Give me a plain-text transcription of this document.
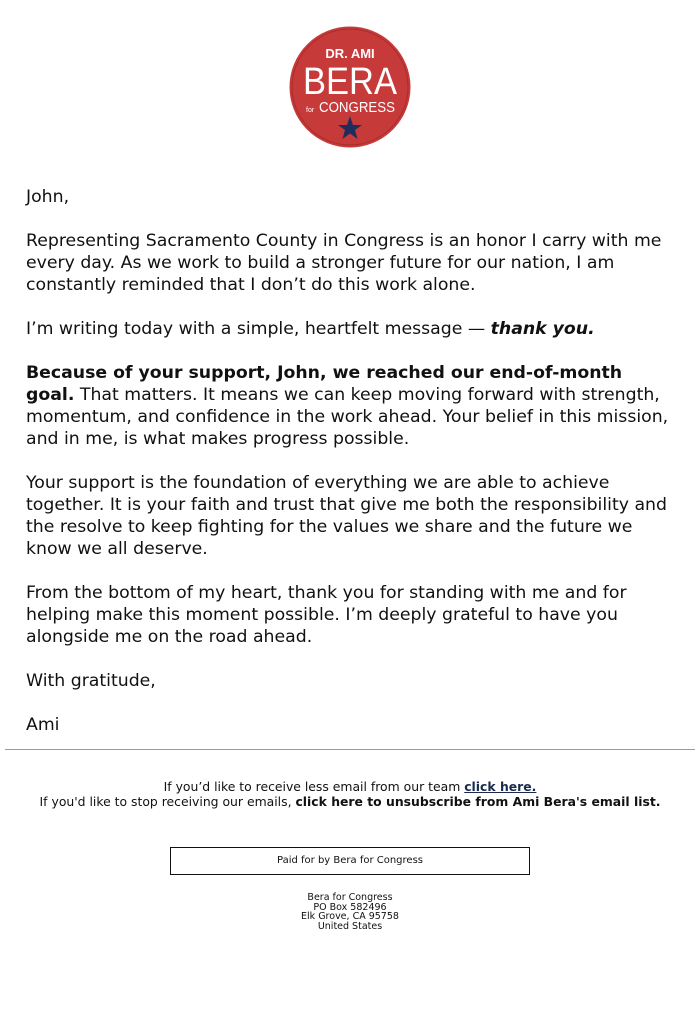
DR. AMI
BERA
for CONGRESS

John,

Representing Sacramento County in Congress is an honor I carry with me every day. As we work to build a stronger future for our nation, I am constantly reminded that I don’t do this work alone.

I’m writing today with a simple, heartfelt message — thank you.

Because of your support, John, we reached our end-of-month goal. That matters. It means we can keep moving forward with strength, momentum, and confidence in the work ahead. Your belief in this mission, and in me, is what makes progress possible.

Your support is the foundation of everything we are able to achieve together. It is your faith and trust that give me both the responsibility and the resolve to keep fighting for the values we share and the future we know we all deserve.

From the bottom of my heart, thank you for standing with me and for helping make this moment possible. I’m deeply grateful to have you alongside me on the road ahead.

With gratitude,

Ami

If you’d like to receive less email from our team click here.
If you'd like to stop receiving our emails, click here to unsubscribe from Ami Bera's email list.
Paid for by Bera for Congress
Bera for Congress
PO Box 582496
Elk Grove, CA 95758
United States
